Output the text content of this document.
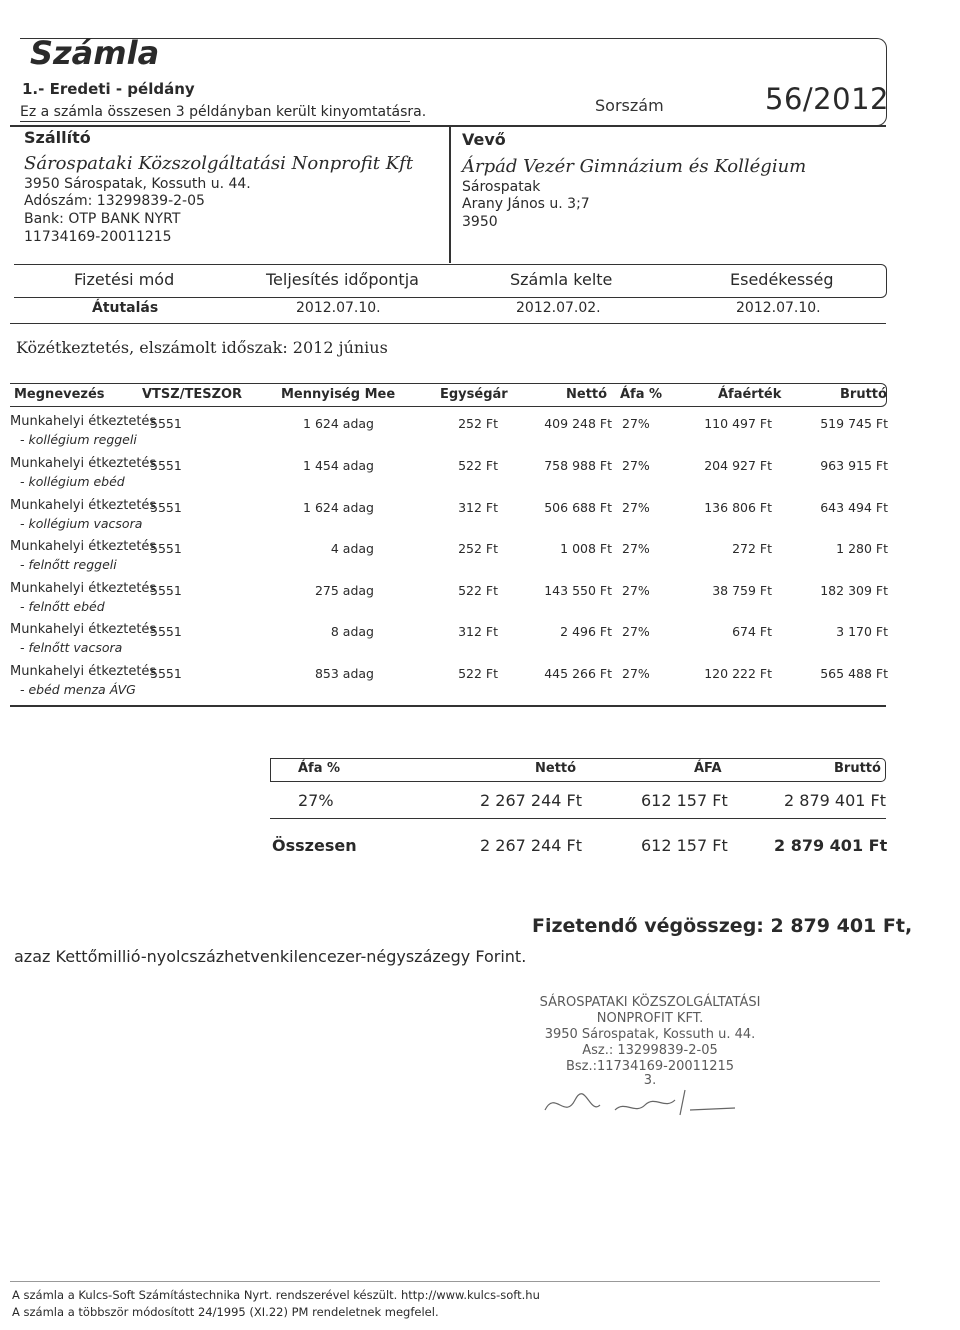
Számla
1.- Eredeti - példány
Ez a számla összesen 3 példányban került kinyomtatásra.	Sorszám	56/2012
Szállító
Sárospataki Közszolgáltatási Nonprofit Kft
3950 Sárospatak, Kossuth u. 44.
Adószám: 13299839-2-05
Bank: OTP BANK NYRT
11734169-20011215
Vevő
Árpád Vezér Gimnázium és Kollégium
Sárospatak
Arany János u. 3;7
3950
Fizetési mód	Teljesítés időpontja	Számla kelte	Esedékesség
Átutalás	2012.07.10.	2012.07.02.	2012.07.10.
Közétkeztetés, elszámolt időszak: 2012 június
Megnevezés	VTSZ/TESZOR	Mennyiség Mee	Egységár	Nettó Áfa %	Áfaérték	Bruttó
Munkahelyi étkeztetés
- kollégium reggeli
5551	1 624 adag	252 Ft	409 248 Ft 27%	110 497 Ft	519 745 Ft
Munkahelyi étkeztetés
- kollégium ebéd
5551	1 454 adag	522 Ft	758 988 Ft 27%	204 927 Ft	963 915 Ft
Munkahelyi étkeztetés
- kollégium vacsora
5551	1 624 adag	312 Ft	506 688 Ft 27%	136 806 Ft	643 494 Ft
Munkahelyi étkeztetés
- felnőtt reggeli
5551	4 adag	252 Ft	1 008 Ft 27%	272 Ft	1 280 Ft
Munkahelyi étkeztetés
- felnőtt ebéd
5551	275 adag	522 Ft	143 550 Ft 27%	38 759 Ft	182 309 Ft
Munkahelyi étkeztetés
- felnőtt vacsora
5551	8 adag	312 Ft	2 496 Ft 27%	674 Ft	3 170 Ft
Munkahelyi étkeztetés
- ebéd menza ÁVG
5551	853 adag	522 Ft	445 266 Ft 27%	120 222 Ft	565 488 Ft
Áfa %	Nettó	ÁFA	Bruttó
27%	2 267 244 Ft	612 157 Ft	2 879 401 Ft
Összesen	2 267 244 Ft	612 157 Ft	2 879 401 Ft
Fizetendő végösszeg: 2 879 401 Ft,
azaz Kettőmillió-nyolcszázhetvenkilencezer-négyszázegy Forint.
SÁROSPATAKI KÖZSZOLGÁLTATÁSI
NONPROFIT KFT.
3950 Sárospatak, Kossuth u. 44.
Asz.: 13299839-2-05
Bsz.:11734169-20011215
3.
A számla a Kulcs-Soft Számítástechnika Nyrt. rendszerével készült. http://www.kulcs-soft.hu
A számla a többször módosított 24/1995 (XI.22) PM rendeletnek megfelel.
